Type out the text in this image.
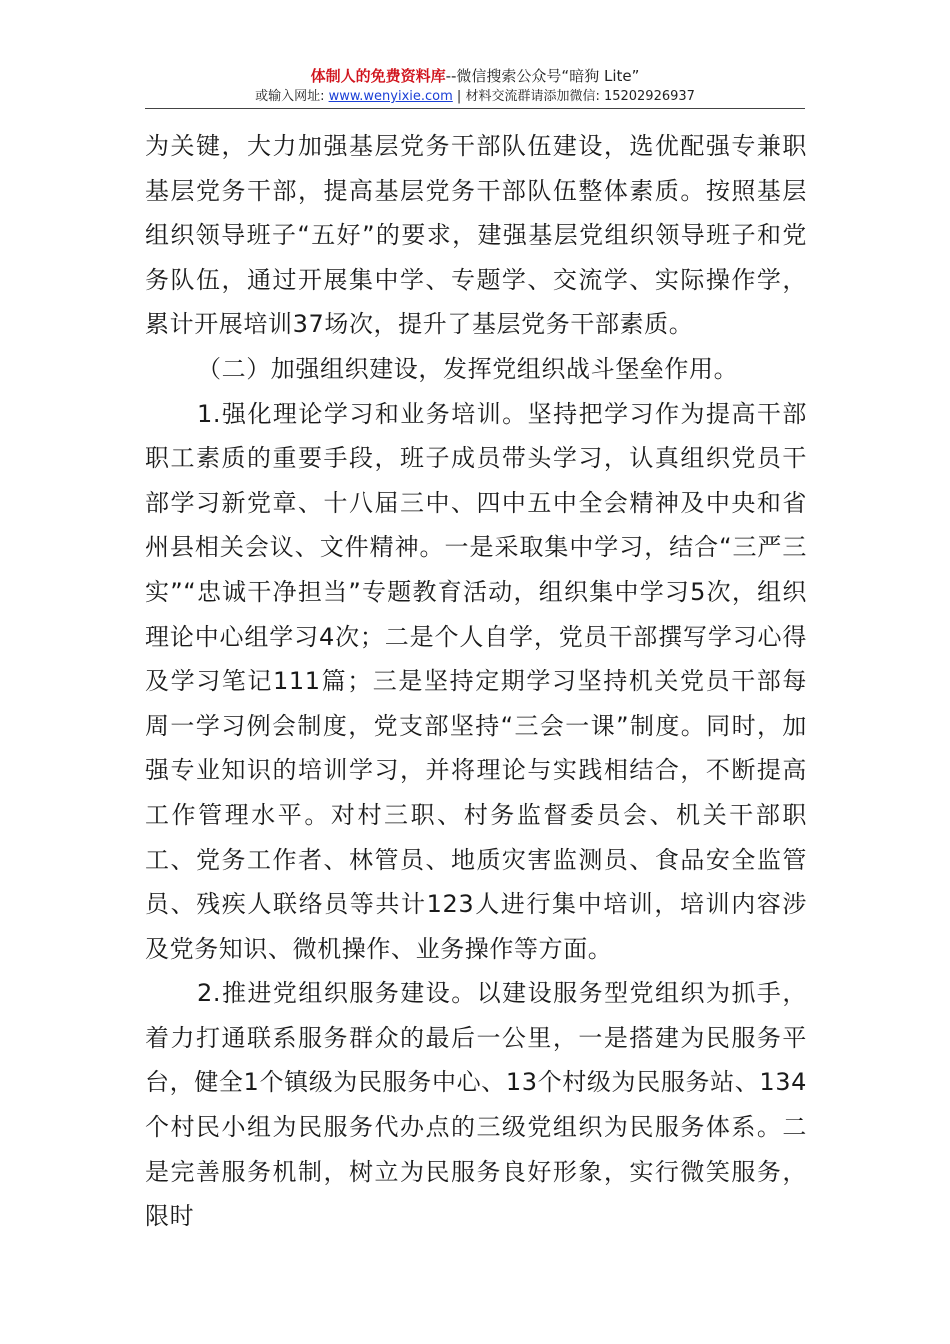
体制人的免费资料库--微信搜索公众号“暗狗 Lite”
或输入网址: www.wenyixie.com | 材料交流群请添加微信: 15202926937

为关键，大力加强基层党务干部队伍建设，选优配强专兼职基层党务干部，提高基层党务干部队伍整体素质。按照基层组织领导班子“五好”的要求，建强基层党组织领导班子和党务队伍，通过开展集中学、专题学、交流学、实际操作学，累计开展培训37场次，提升了基层党务干部素质。

（二）加强组织建设，发挥党组织战斗堡垒作用。

1.强化理论学习和业务培训。坚持把学习作为提高干部职工素质的重要手段，班子成员带头学习，认真组织党员干部学习新党章、十八届三中、四中五中全会精神及中央和省州县相关会议、文件精神。一是采取集中学习，结合“三严三实”“忠诚干净担当”专题教育活动，组织集中学习5次，组织理论中心组学习4次；二是个人自学，党员干部撰写学习心得及学习笔记111篇；三是坚持定期学习坚持机关党员干部每周一学习例会制度，党支部坚持“三会一课”制度。同时，加强专业知识的培训学习，并将理论与实践相结合，不断提高工作管理水平。对村三职、村务监督委员会、机关干部职工、党务工作者、林管员、地质灾害监测员、食品安全监管员、残疾人联络员等共计123人进行集中培训，培训内容涉及党务知识、微机操作、业务操作等方面。

2.推进党组织服务建设。以建设服务型党组织为抓手，着力打通联系服务群众的最后一公里，一是搭建为民服务平台，健全1个镇级为民服务中心、13个村级为民服务站、134个村民小组为民服务代办点的三级党组织为民服务体系。二是完善服务机制，树立为民服务良好形象，实行微笑服务，限时
